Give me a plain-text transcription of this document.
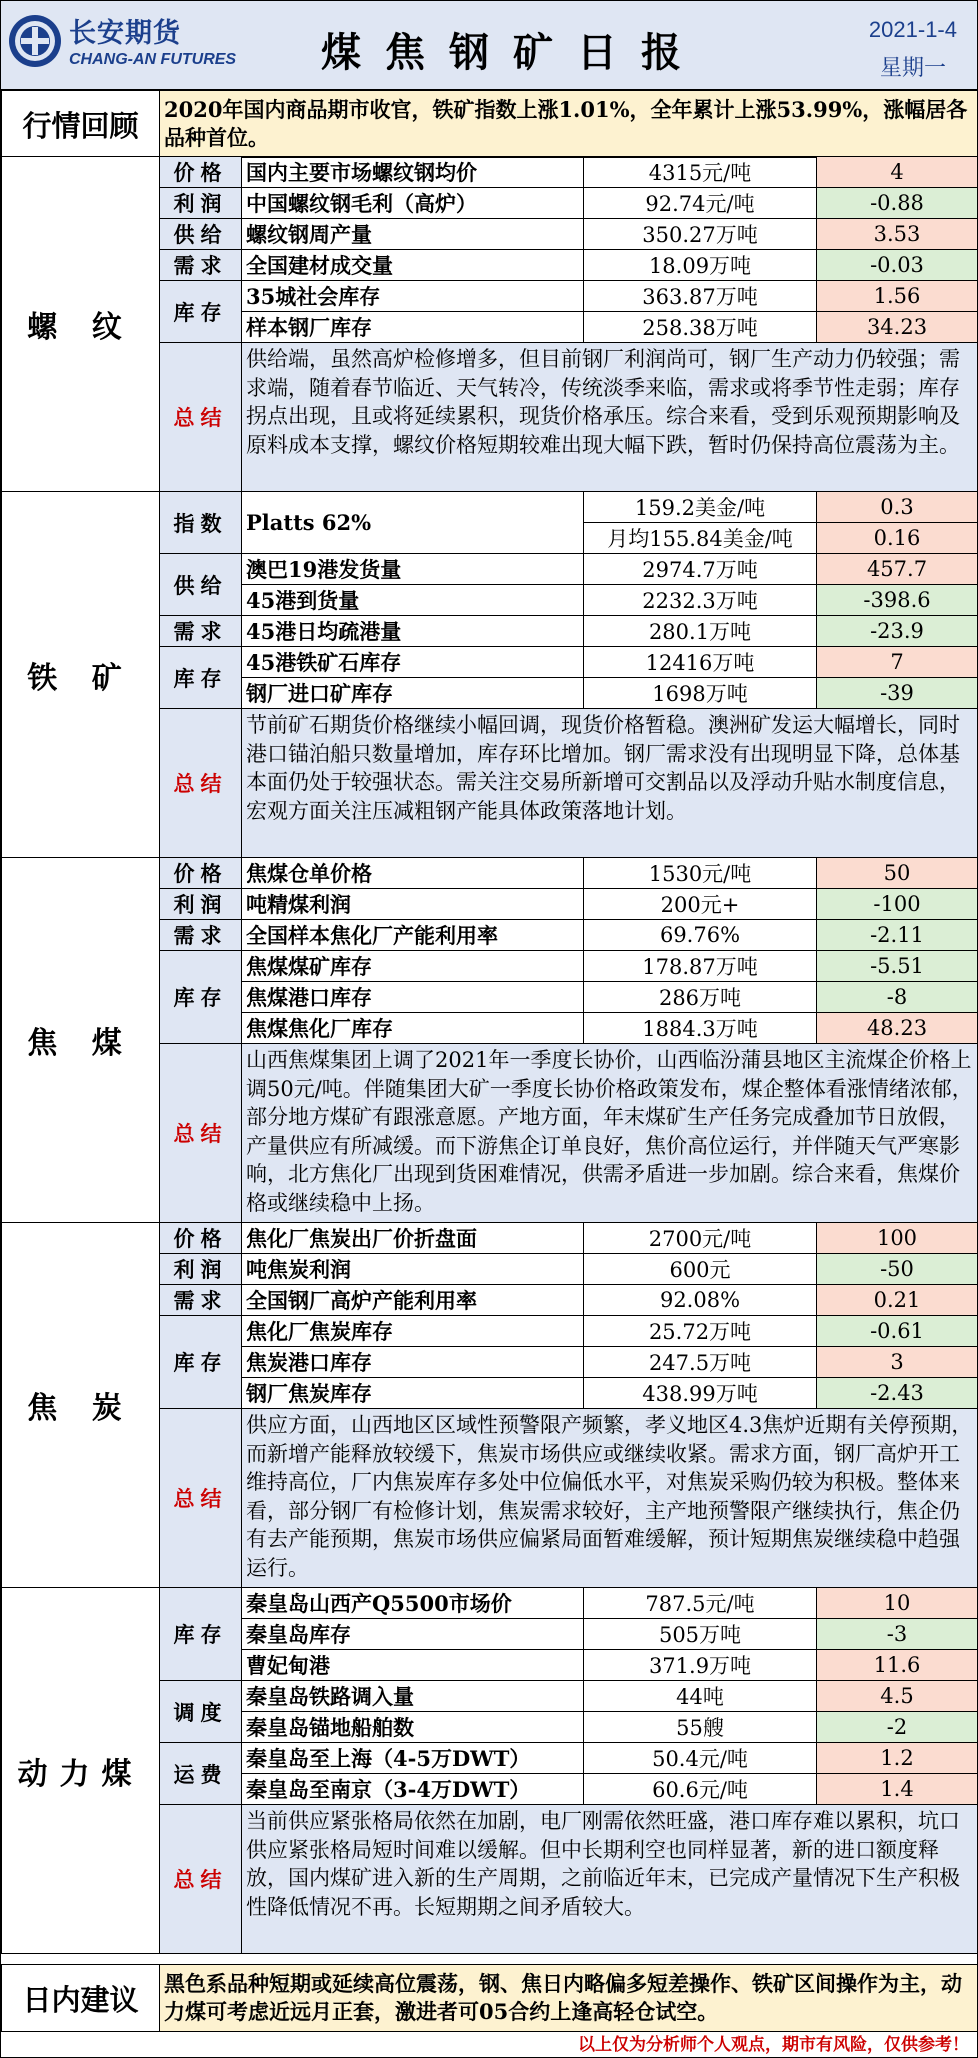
长安期货
CHANG-AN FUTURES 煤焦钢矿日报
2021-1-4
星期一
行情回顾	2020年国内商品期市收官，铁矿指数上涨1.01%，全年累计上涨53.99%，涨幅居各品种首位。
螺 纹	价格	国内主要市场螺纹钢均价	4315元/吨	4
	利润	中国螺纹钢毛利（高炉）	92.74元/吨	-0.88
	供给	螺纹钢周产量	350.27万吨	3.53
	需求	全国建材成交量	18.09万吨	-0.03
	库存	35城社会库存	363.87万吨	1.56
		样本钢厂库存	258.38万吨	34.23
	总结	供给端，虽然高炉检修增多，但目前钢厂利润尚可，钢厂生产动力仍较强；需求端，随着春节临近、天气转冷，传统淡季来临，需求或将季节性走弱；库存拐点出现，且或将延续累积，现货价格承压。综合来看，受到乐观预期影响及原料成本支撑，螺纹价格短期较难出现大幅下跌，暂时仍保持高位震荡为主。		
铁 矿	指数	Platts 62%	159.2美金/吨	0.3
			月均155.84美金/吨	0.16
	供给	澳巴19港发货量	2974.7万吨	457.7
		45港到货量	2232.3万吨	-398.6
	需求	45港日均疏港量	280.1万吨	-23.9
	库存	45港铁矿石库存	12416万吨	7
		钢厂进口矿库存	1698万吨	-39
	总结	节前矿石期货价格继续小幅回调，现货价格暂稳。澳洲矿发运大幅增长，同时港口锚泊船只数量增加，库存环比增加。钢厂需求没有出现明显下降，总体基本面仍处于较强状态。需关注交易所新增可交割品以及浮动升贴水制度信息，宏观方面关注压减粗钢产能具体政策落地计划。		
焦 煤	价格	焦煤仓单价格	1530元/吨	50
	利润	吨精煤利润	200元+	-100
	需求	全国样本焦化厂产能利用率	69.76%	-2.11
	库存	焦煤煤矿库存	178.87万吨	-5.51
		焦煤港口库存	286万吨	-8
		焦煤焦化厂库存	1884.3万吨	48.23
	总结	山西焦煤集团上调了2021年一季度长协价，山西临汾蒲县地区主流煤企价格上调50元/吨。伴随集团大矿一季度长协价格政策发布，煤企整体看涨情绪浓郁，部分地方煤矿有跟涨意愿。产地方面，年末煤矿生产任务完成叠加节日放假，产量供应有所减缓。而下游焦企订单良好，焦价高位运行，并伴随天气严寒影响，北方焦化厂出现到货困难情况，供需矛盾进一步加剧。综合来看，焦煤价格或继续稳中上扬。		
焦 炭	价格	焦化厂焦炭出厂价折盘面	2700元/吨	100
	利润	吨焦炭利润	600元	-50
	需求	全国钢厂高炉产能利用率	92.08%	0.21
	库存	焦化厂焦炭库存	25.72万吨	-0.61
		焦炭港口库存	247.5万吨	3
		钢厂焦炭库存	438.99万吨	-2.43
	总结	供应方面，山西地区区域性预警限产频繁，孝义地区4.3焦炉近期有关停预期，而新增产能释放较缓下，焦炭市场供应或继续收紧。需求方面，钢厂高炉开工维持高位，厂内焦炭库存多处中位偏低水平，对焦炭采购仍较为积极。整体来看，部分钢厂有检修计划，焦炭需求较好，主产地预警限产继续执行，焦企仍有去产能预期，焦炭市场供应偏紧局面暂难缓解，预计短期焦炭继续稳中趋强运行。		
动力煤	库存	秦皇岛山西产Q5500市场价	787.5元/吨	10
		秦皇岛库存	505万吨	-3
		曹妃甸港	371.9万吨	11.6
	调度	秦皇岛铁路调入量	44吨	4.5
		秦皇岛锚地船舶数	55艘	-2
	运费	秦皇岛至上海（4-5万DWT）	50.4元/吨	1.2
		秦皇岛至南京（3-4万DWT）	60.6元/吨	1.4
	总结	当前供应紧张格局依然在加剧，电厂刚需依然旺盛，港口库存难以累积，坑口供应紧张格局短时间难以缓解。但中长期利空也同样显著，新的进口额度释放，国内煤矿进入新的生产周期，之前临近年末，已完成产量情况下生产积极性降低情况不再。长短期期之间矛盾较大。		
日内建议	黑色系品种短期或延续高位震荡，钢、焦日内略偏多短差操作、铁矿区间操作为主，动力煤可考虑近远月正套，激进者可05合约上逢高轻仓试空。
以上仅为分析师个人观点，期市有风险，仅供参考！
